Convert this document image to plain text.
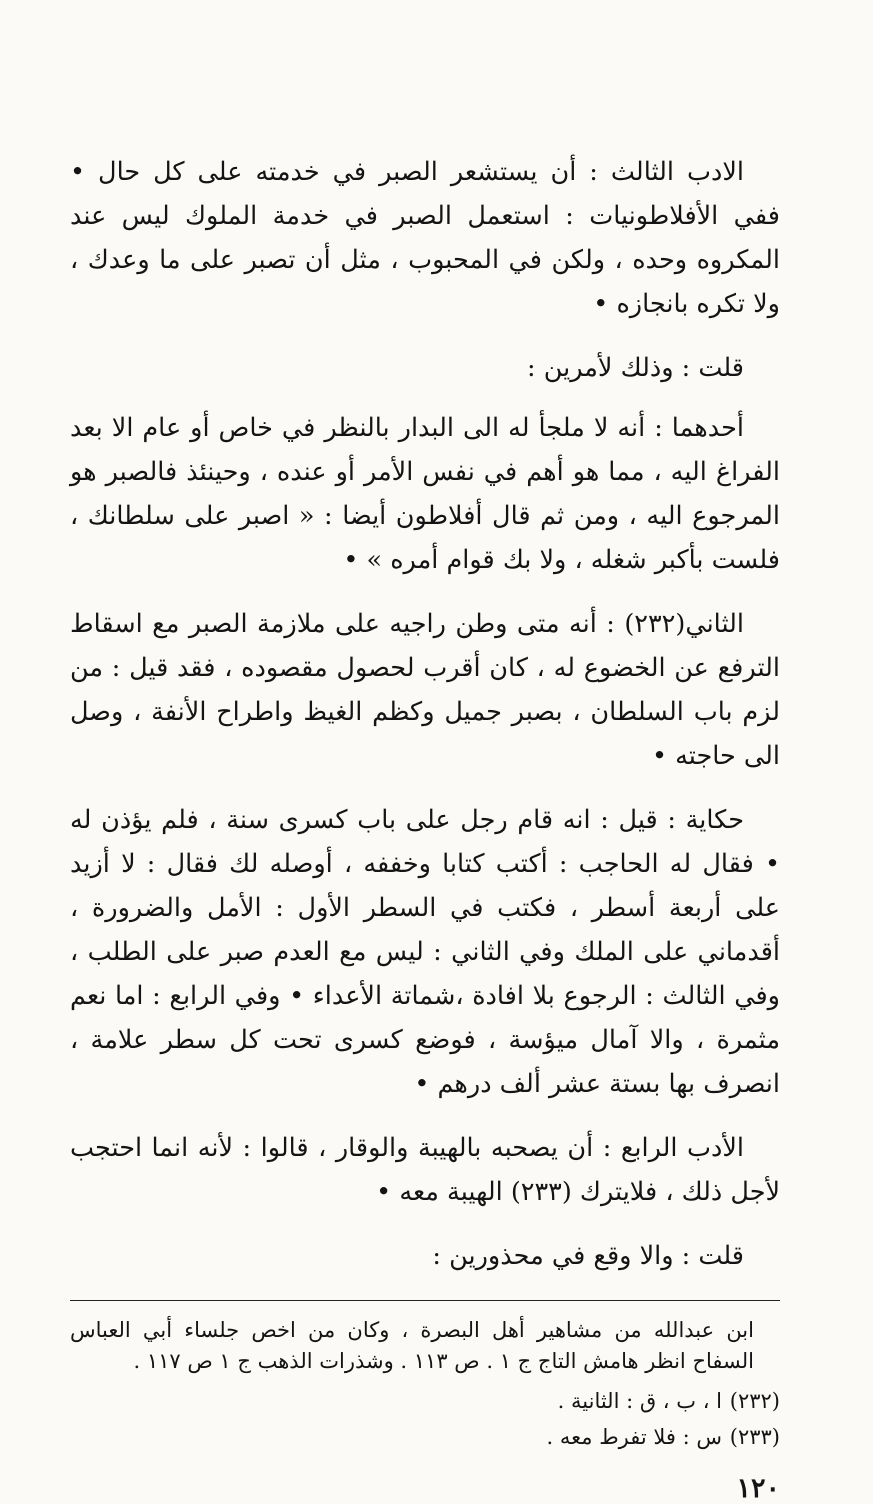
الادب الثالث : أن يستشعر الصبر في خدمته على كل حال • ففي الأفلاطونيات : استعمل الصبر في خدمة الملوك ليس عند المكروه وحده ، ولكن في المحبوب ، مثل أن تصبر على ما وعدك ، ولا تكره بانجازه •

قلت : وذلك لأمرين :

أحدهما : أنه لا ملجأ له الى البدار بالنظر في خاص أو عام الا بعد الفراغ اليه ، مما هو أهم في نفس الأمر أو عنده ، وحينئذ فالصبر هو المرجوع اليه ، ومن ثم قال أفلاطون أيضا : « اصبر على سلطانك ، فلست بأكبر شغله ، ولا بك قوام أمره » •

الثاني(٢٣٢) : أنه متى وطن راجيه على ملازمة الصبر مع اسقاط الترفع عن الخضوع له ، كان أقرب لحصول مقصوده ، فقد قيل : من لزم باب السلطان ، بصبر جميل وكظم الغيظ واطراح الأنفة ، وصل الى حاجته •

حكاية : قيل : انه قام رجل على باب كسرى سنة ، فلم يؤذن له • فقال له الحاجب : أكتب كتابا وخففه ، أوصله لك فقال : لا أزيد على أربعة أسطر ، فكتب في السطر الأول : الأمل والضرورة ، أقدماني على الملك وفي الثاني : ليس مع العدم صبر على الطلب ، وفي الثالث : الرجوع بلا افادة ،شماتة الأعداء • وفي الرابع : اما نعم مثمرة ، والا آمال ميؤسة ، فوضع كسرى تحت كل سطر علامة ، انصرف بها بستة عشر ألف درهم •

الأدب الرابع : أن يصحبه بالهيبة والوقار ، قالوا : لأنه انما احتجب لأجل ذلك ، فلايترك (٢٣٣) الهيبة معه •

قلت : والا وقع في محذورين :

ابن عبدالله من مشاهير أهل البصرة ، وكان من اخص جلساء أبي العباس السفاح انظر هامش التاج ج ١ . ص ١١٣ . وشذرات الذهب ج ١ ص ١١٧ .
(٢٣٢)
ا ، ب ، ق : الثانية .
(٢٣٣)
س : فلا تفرط معه .
١٢٠
